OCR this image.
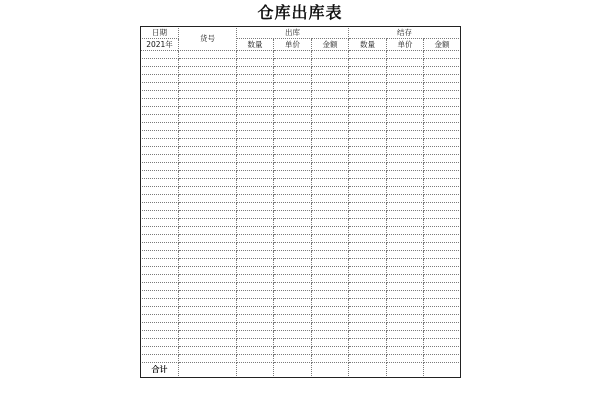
仓库出库表
日期	货号	出库			结存		
2021年		数量	单价	金额	数量	单价	金额

合计							
